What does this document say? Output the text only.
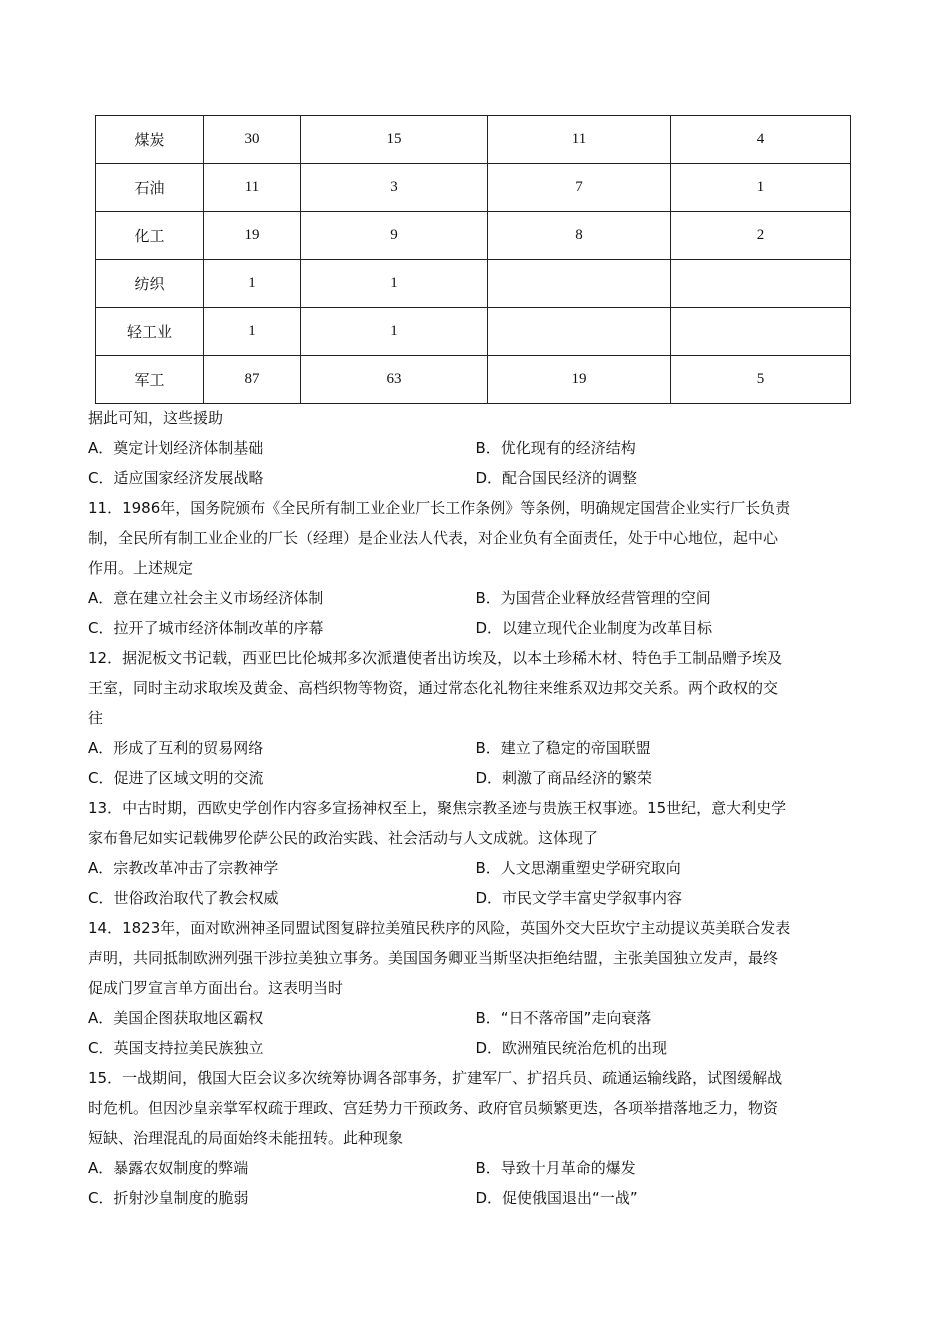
煤炭	30	15	11	4
石油	11	3	7	1
化工	19	9	8	2
纺织	1	1		
轻工业	1	1		
军工	87	63	19	5
据此可知，这些援助
A．奠定计划经济体制基础	B．优化现有的经济结构
C．适应国家经济发展战略	D．配合国民经济的调整
11．1986年，国务院颁布《全民所有制工业企业厂长工作条例》等条例，明确规定国营企业实行厂长负责
制，全民所有制工业企业的厂长（经理）是企业法人代表，对企业负有全面责任，处于中心地位，起中心
作用。上述规定
A．意在建立社会主义市场经济体制	B．为国营企业释放经营管理的空间
C．拉开了城市经济体制改革的序幕	D．以建立现代企业制度为改革目标
12．据泥板文书记载，西亚巴比伦城邦多次派遣使者出访埃及，以本土珍稀木材、特色手工制品赠予埃及
王室，同时主动求取埃及黄金、高档织物等物资，通过常态化礼物往来维系双边邦交关系。两个政权的交
往
A．形成了互利的贸易网络	B．建立了稳定的帝国联盟
C．促进了区域文明的交流	D．刺激了商品经济的繁荣
13．中古时期，西欧史学创作内容多宣扬神权至上，聚焦宗教圣迹与贵族王权事迹。15世纪，意大利史学
家布鲁尼如实记载佛罗伦萨公民的政治实践、社会活动与人文成就。这体现了
A．宗教改革冲击了宗教神学	B．人文思潮重塑史学研究取向
C．世俗政治取代了教会权威	D．市民文学丰富史学叙事内容
14．1823年，面对欧洲神圣同盟试图复辟拉美殖民秩序的风险，英国外交大臣坎宁主动提议英美联合发表
声明，共同抵制欧洲列强干涉拉美独立事务。美国国务卿亚当斯坚决拒绝结盟，主张美国独立发声，最终
促成门罗宣言单方面出台。这表明当时
A．美国企图获取地区霸权	B．“日不落帝国”走向衰落
C．英国支持拉美民族独立	D．欧洲殖民统治危机的出现
15．一战期间，俄国大臣会议多次统筹协调各部事务，扩建军厂、扩招兵员、疏通运输线路，试图缓解战
时危机。但因沙皇亲掌军权疏于理政、宫廷势力干预政务、政府官员频繁更迭，各项举措落地乏力，物资
短缺、治理混乱的局面始终未能扭转。此种现象
A．暴露农奴制度的弊端	B．导致十月革命的爆发
C．折射沙皇制度的脆弱	D．促使俄国退出“一战”
